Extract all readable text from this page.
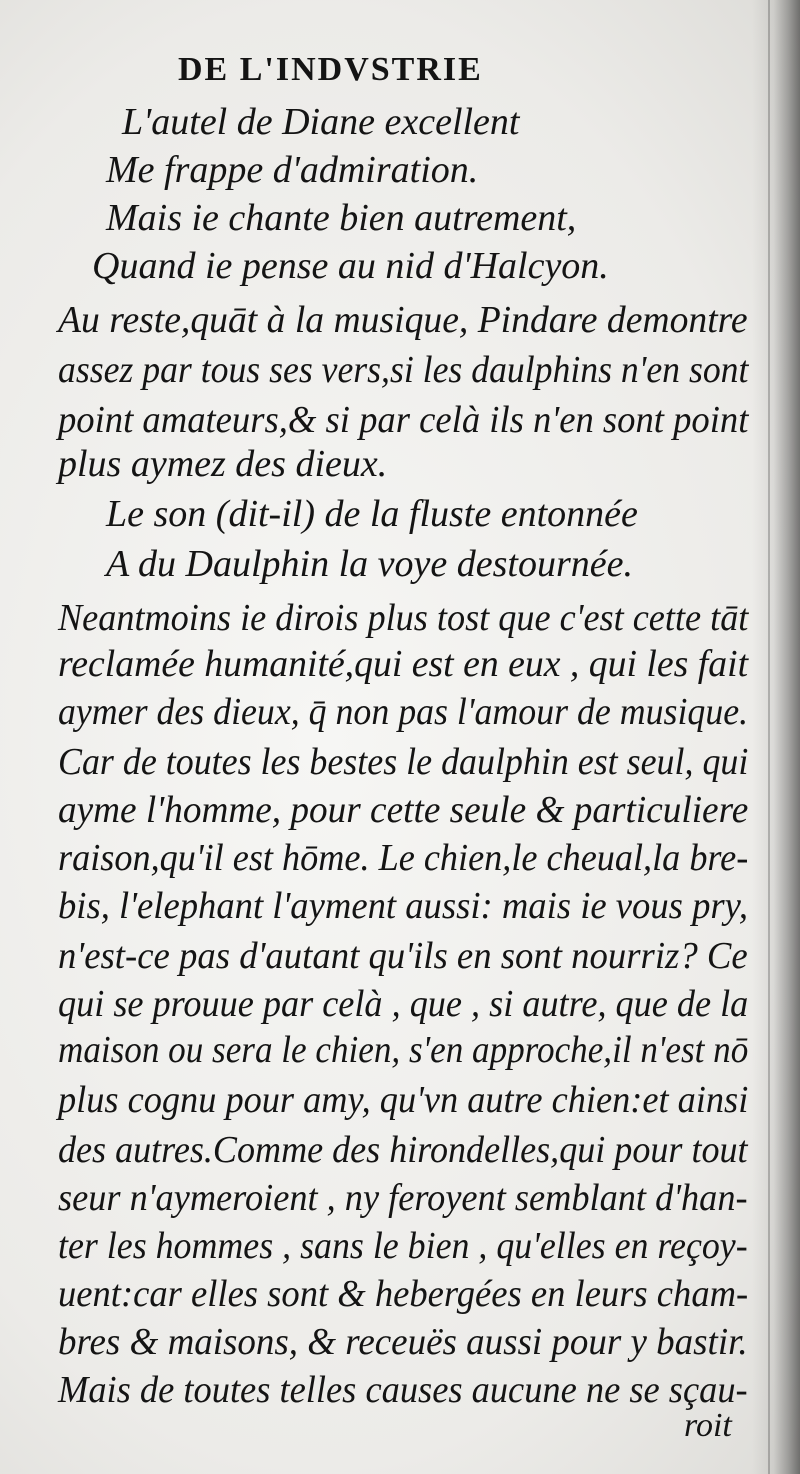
DE L'INDVSTRIE
L'autel de Diane excellent
Me frappe d'admiration.
Mais ie chante bien autrement,
Quand ie pense au nid d'Halcyon.
Au reste,quāt à la musique, Pindare demontre
assez par tous ses vers,si les daulphins n'en sont
point amateurs,& si par celà ils n'en sont point
plus aymez des dieux.
Le son (dit-il) de la fluste entonnée
A du Daulphin la voye destournée.
Neantmoins ie dirois plus tost que c'est cette tāt
reclamée humanité,qui est en eux , qui les fait
aymer des dieux, q̄ non pas l'amour de musique.
Car de toutes les bestes le daulphin est seul, qui
ayme l'homme, pour cette seule & particuliere
raison,qu'il est hōme. Le chien,le cheual,la bre-
bis, l'elephant l'ayment aussi: mais ie vous pry,
n'est-ce pas d'autant qu'ils en sont nourriz? Ce
qui se prouue par celà , que , si autre, que de la
maison ou sera le chien, s'en approche,il n'est nō
plus cognu pour amy, qu'vn autre chien:et ainsi
des autres.Comme des hirondelles,qui pour tout
seur n'aymeroient , ny feroyent semblant d'han-
ter les hommes , sans le bien , qu'elles en reçoy-
uent:car elles sont & hebergées en leurs cham-
bres & maisons, & receuës aussi pour y bastir.
Mais de toutes telles causes aucune ne se sçau-
roit
